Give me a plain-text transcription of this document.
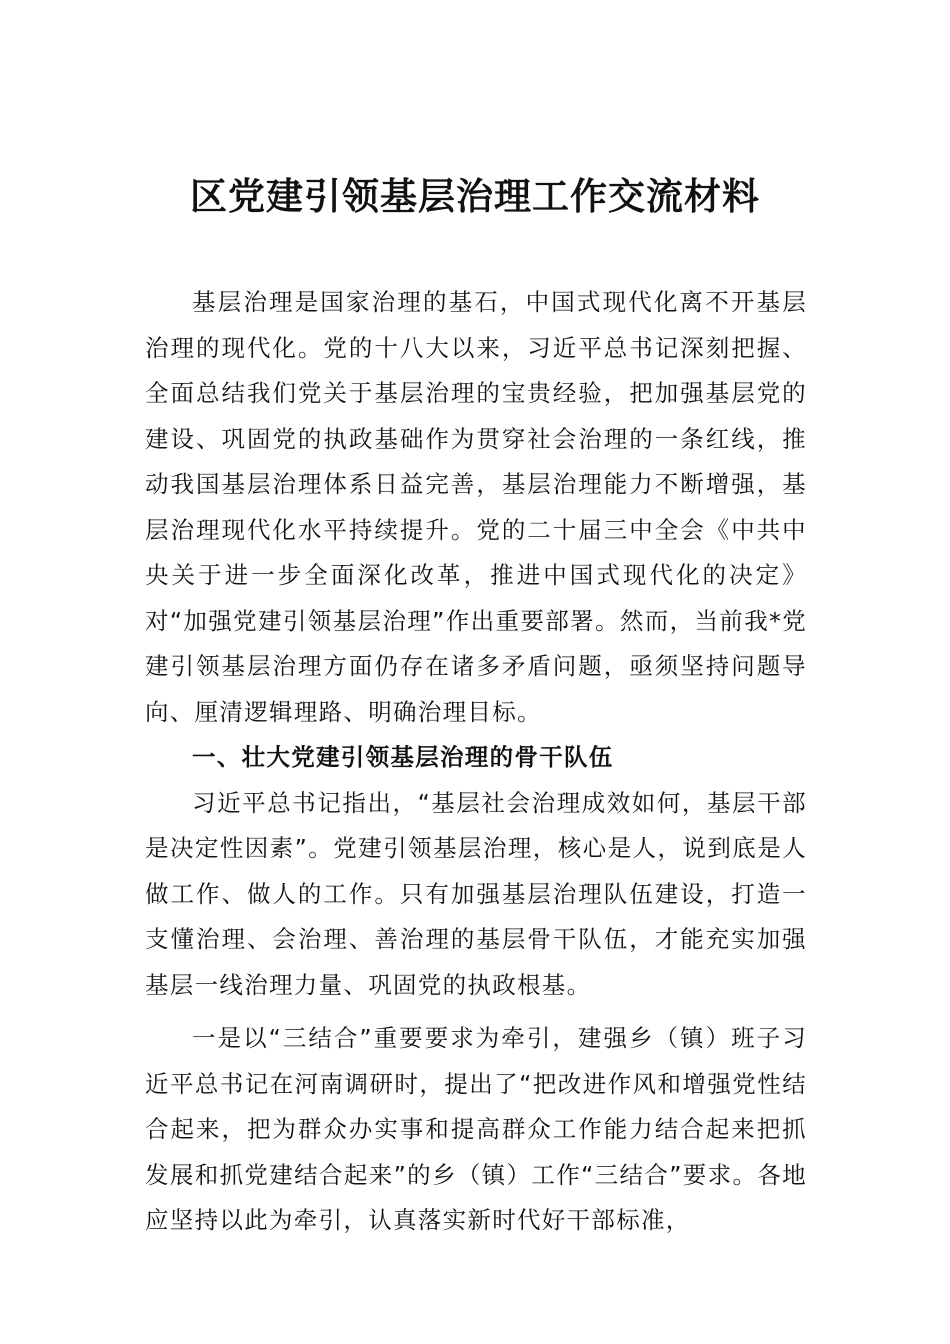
区党建引领基层治理工作交流材料

基层治理是国家治理的基石，中国式现代化离不开基层治理的现代化。党的十八大以来，习近平总书记深刻把握、全面总结我们党关于基层治理的宝贵经验，把加强基层党的建设、巩固党的执政基础作为贯穿社会治理的一条红线，推动我国基层治理体系日益完善，基层治理能力不断增强，基层治理现代化水平持续提升。党的二十届三中全会《中共中央关于进一步全面深化改革，推进中国式现代化的决定》对“加强党建引领基层治理”作出重要部署。然而，当前我*党建引领基层治理方面仍存在诸多矛盾问题，亟须坚持问题导向、厘清逻辑理路、明确治理目标。

一、壮大党建引领基层治理的骨干队伍

习近平总书记指出，“基层社会治理成效如何，基层干部是决定性因素”。党建引领基层治理，核心是人，说到底是人做工作、做人的工作。只有加强基层治理队伍建设，打造一支懂治理、会治理、善治理的基层骨干队伍，才能充实加强基层一线治理力量、巩固党的执政根基。

一是以“三结合”重要要求为牵引，建强乡（镇）班子习近平总书记在河南调研时，提出了“把改进作风和增强党性结合起来，把为群众办实事和提高群众工作能力结合起来把抓发展和抓党建结合起来”的乡（镇）工作“三结合”要求。各地应坚持以此为牵引，认真落实新时代好干部标准，
